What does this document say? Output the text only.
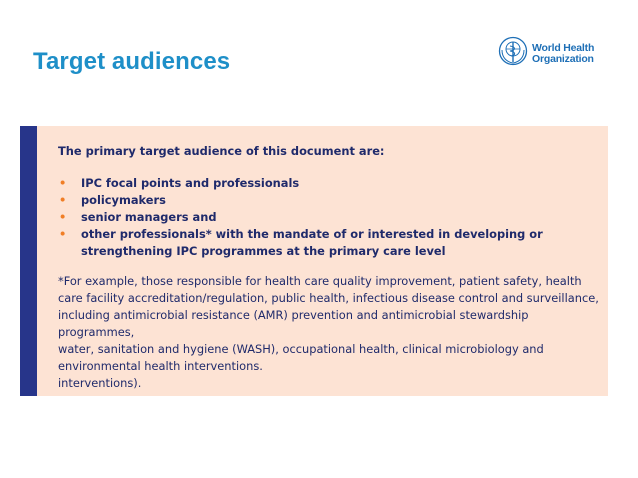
Target audiences
World Health
Organization

The primary target audience of this document are:

• IPC focal points and professionals
• policymakers
• senior managers and
• other professionals* with the mandate of or interested in developing or strengthening IPC programmes at the primary care level

*For example, those responsible for health care quality improvement, patient safety, health
care facility accreditation/regulation, public health, infectious disease control and surveillance,
including antimicrobial resistance (AMR) prevention and antimicrobial stewardship programmes,
water, sanitation and hygiene (WASH), occupational health, clinical microbiology and
environmental health interventions.
interventions).
